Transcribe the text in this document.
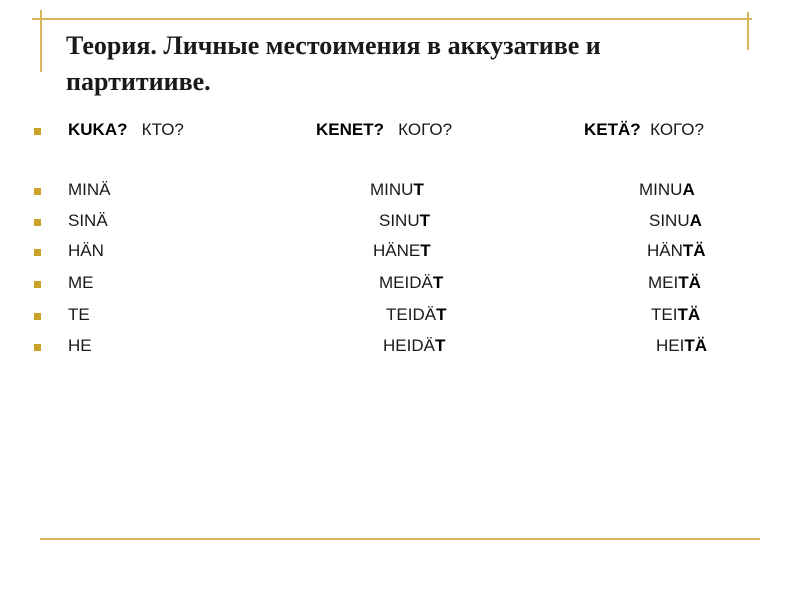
Теория. Личные местоимения в аккузативе и партитииве.
KUKA? КТО?	KENET? КОГО?	KETÄ? КОГО?
MINÄ	MINUT	MINUA
SINÄ	SINUT	SINUA
HÄN	HÄNET	HÄNTÄ
ME	MEIDÄT	MEITÄ
TE	TEIDÄT	TEITÄ
HE	HEIDÄT	HEITÄ
